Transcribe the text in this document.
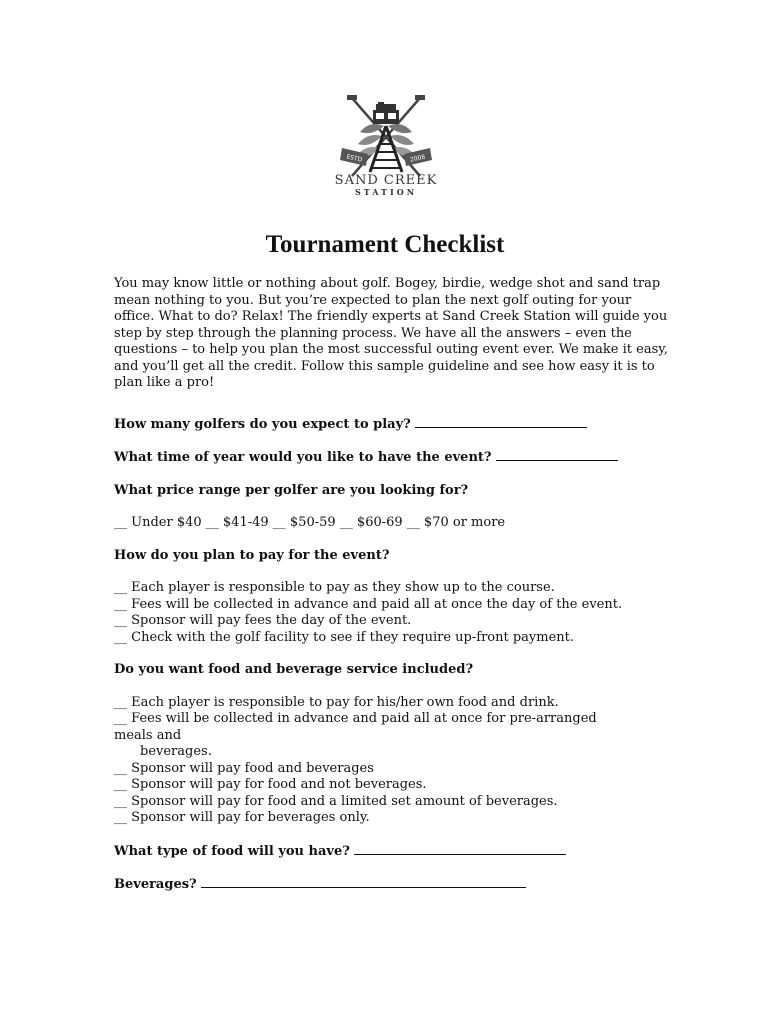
ESTD	2008
SAND CREEK
STATION
Tournament Checklist

You may know little or nothing about golf. Bogey, birdie, wedge shot and sand trap mean nothing to you. But you’re expected to plan the next golf outing for your office. What to do? Relax! The friendly experts at Sand Creek Station will guide you step by step through the planning process. We have all the answers – even the questions – to help you plan the most successful outing event ever. We make it easy, and you’ll get all the credit. Follow this sample guideline and see how easy it is to plan like a pro!

How many golfers do you expect to play?
What time of year would you like to have the event?
What price range per golfer are you looking for?
__ Under $40 __ $41-49 __ $50-59 __ $60-69 __ $70 or more
How do you plan to pay for the event?
__ Each player is responsible to pay as they show up to the course.
__ Fees will be collected in advance and paid all at once the day of the event.
__ Sponsor will pay fees the day of the event.
__ Check with the golf facility to see if they require up-front payment.
Do you want food and beverage service included?
__ Each player is responsible to pay for his/her own food and drink.
__ Fees will be collected in advance and paid all at once for pre-arranged
meals and
beverages.
__ Sponsor will pay food and beverages
__ Sponsor will pay for food and not beverages.
__ Sponsor will pay for food and a limited set amount of beverages.
__ Sponsor will pay for beverages only.
What type of food will you have?
Beverages?
